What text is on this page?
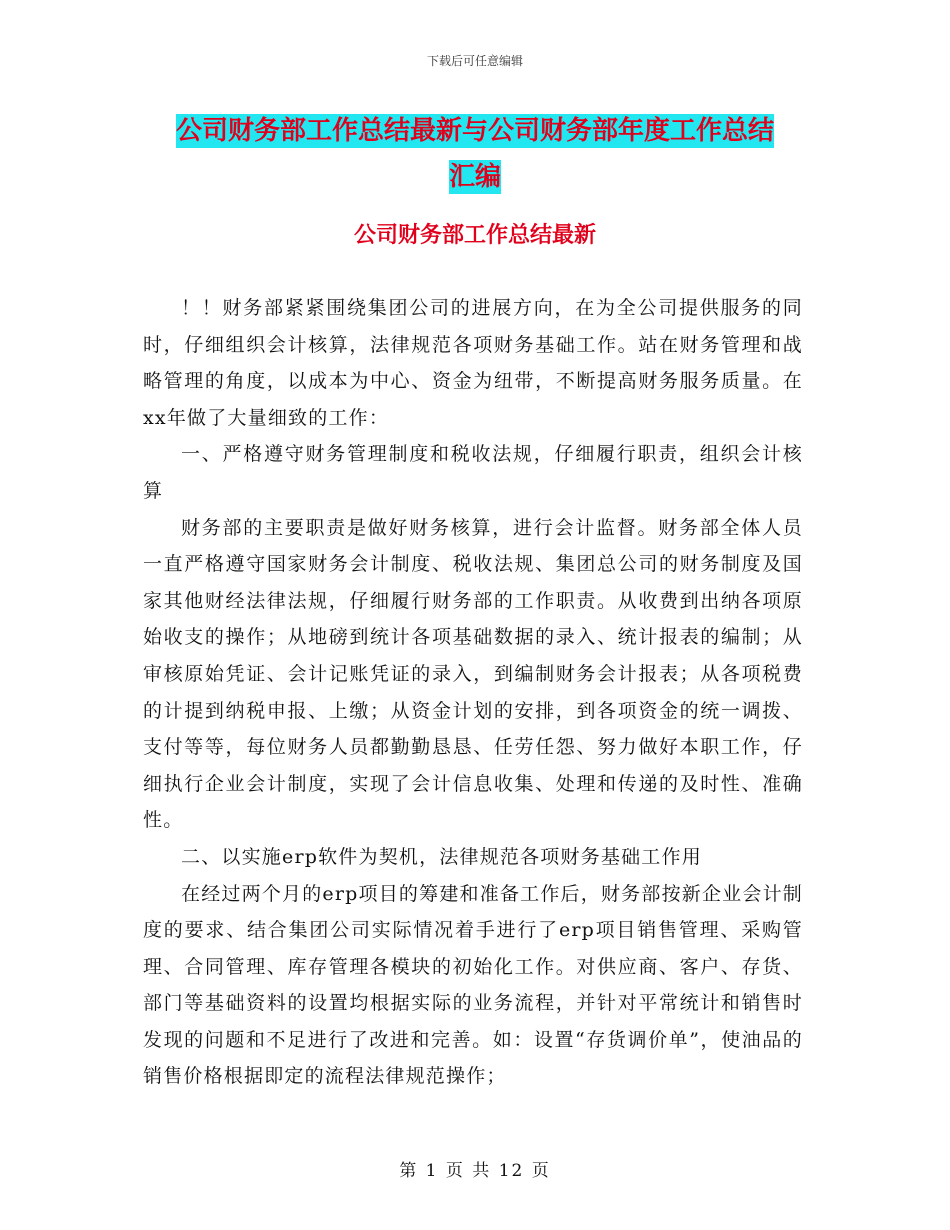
下载后可任意编辑
公司财务部工作总结最新与公司财务部年度工作总结
汇编
公司财务部工作总结最新

！！财务部紧紧围绕集团公司的进展方向，在为全公司提供服务的同时，仔细组织会计核算，法律规范各项财务基础工作。站在财务管理和战略管理的角度，以成本为中心、资金为纽带，不断提高财务服务质量。在xx年做了大量细致的工作：

一、严格遵守财务管理制度和税收法规，仔细履行职责，组织会计核算

财务部的主要职责是做好财务核算，进行会计监督。财务部全体人员一直严格遵守国家财务会计制度、税收法规、集团总公司的财务制度及国家其他财经法律法规，仔细履行财务部的工作职责。从收费到出纳各项原始收支的操作；从地磅到统计各项基础数据的录入、统计报表的编制；从审核原始凭证、会计记账凭证的录入，到编制财务会计报表；从各项税费的计提到纳税申报、上缴；从资金计划的安排，到各项资金的统一调拨、支付等等，每位财务人员都勤勤恳恳、任劳任怨、努力做好本职工作，仔细执行企业会计制度，实现了会计信息收集、处理和传递的及时性、准确性。

二、以实施erp软件为契机，法律规范各项财务基础工作用

在经过两个月的erp项目的筹建和准备工作后，财务部按新企业会计制度的要求、结合集团公司实际情况着手进行了erp项目销售管理、采购管理、合同管理、库存管理各模块的初始化工作。对供应商、客户、存货、部门等基础资料的设置均根据实际的业务流程，并针对平常统计和销售时发现的问题和不足进行了改进和完善。如：设置“存货调价单”，使油品的销售价格根据即定的流程法律规范操作；

第 1 页 共 12 页
